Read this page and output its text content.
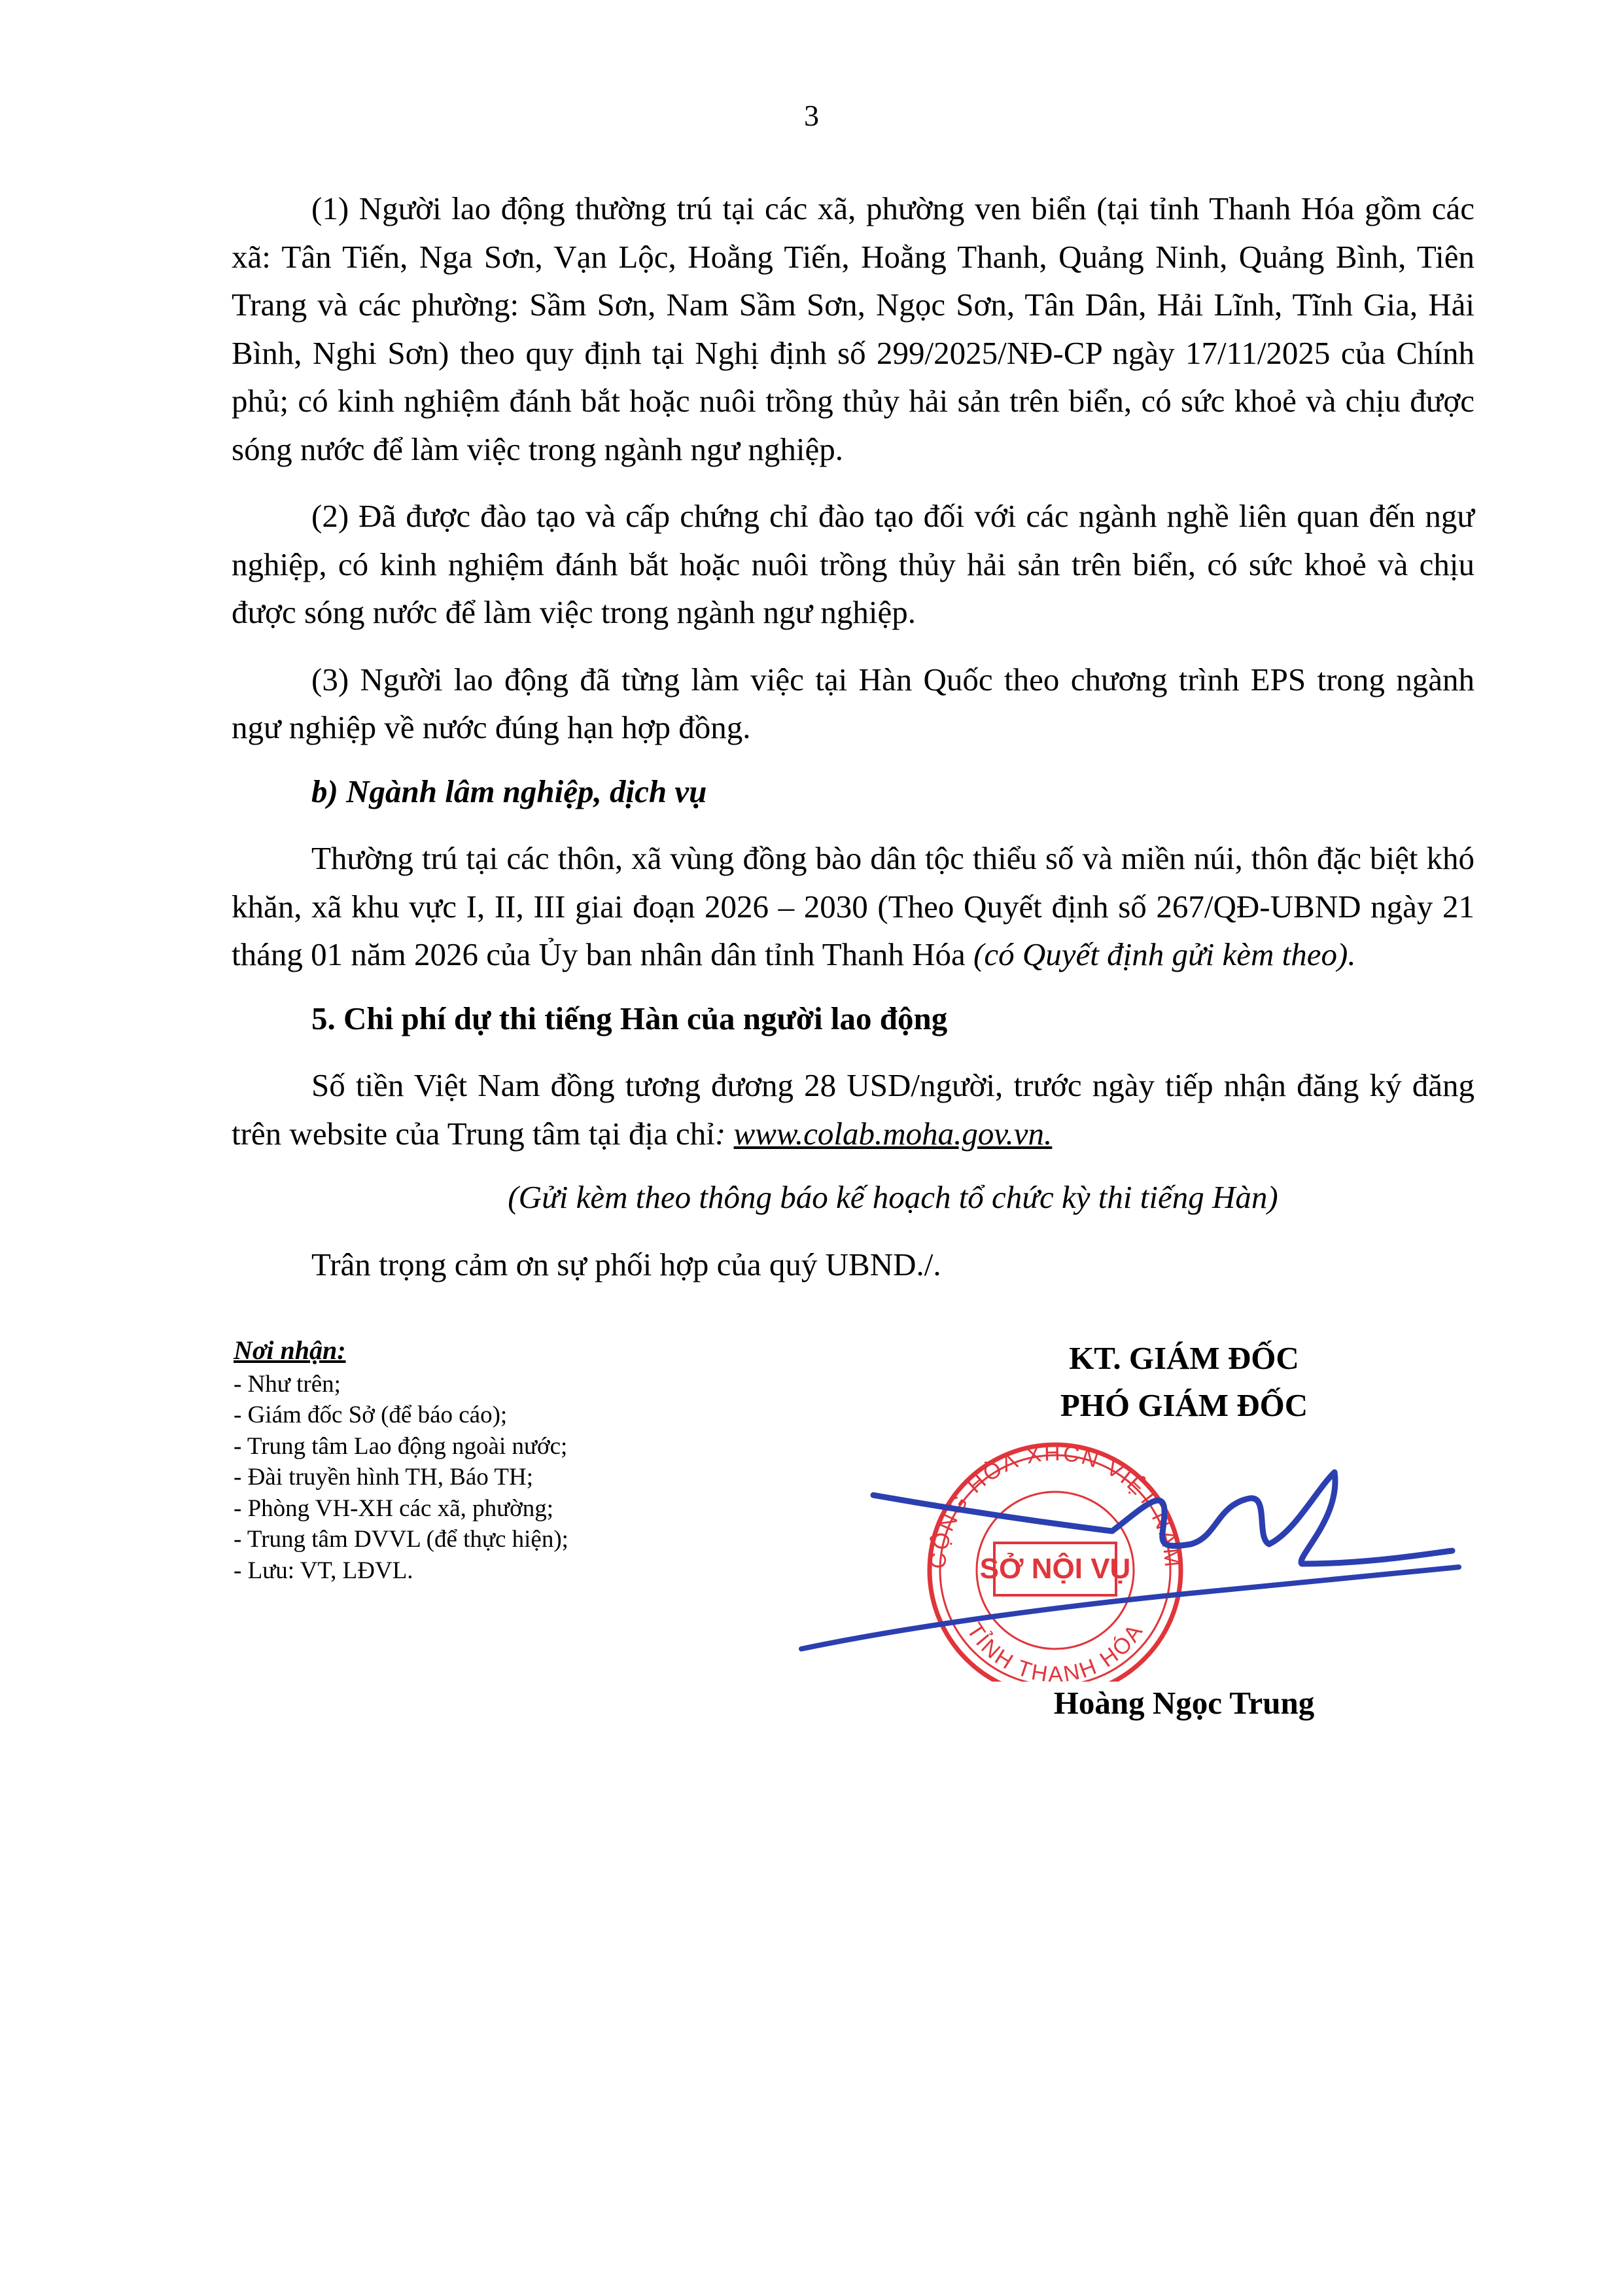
3

(1) Người lao động thường trú tại các xã, phường ven biển (tại tỉnh Thanh Hóa gồm các xã: Tân Tiến, Nga Sơn, Vạn Lộc, Hoằng Tiến, Hoằng Thanh, Quảng Ninh, Quảng Bình, Tiên Trang và các phường: Sầm Sơn, Nam Sầm Sơn, Ngọc Sơn, Tân Dân, Hải Lĩnh, Tĩnh Gia, Hải Bình, Nghi Sơn) theo quy định tại Nghị định số 299/2025/NĐ-CP ngày 17/11/2025 của Chính phủ; có kinh nghiệm đánh bắt hoặc nuôi trồng thủy hải sản trên biển, có sức khoẻ và chịu được sóng nước để làm việc trong ngành ngư nghiệp.

(2) Đã được đào tạo và cấp chứng chỉ đào tạo đối với các ngành nghề liên quan đến ngư nghiệp, có kinh nghiệm đánh bắt hoặc nuôi trồng thủy hải sản trên biển, có sức khoẻ và chịu được sóng nước để làm việc trong ngành ngư nghiệp.

(3) Người lao động đã từng làm việc tại Hàn Quốc theo chương trình EPS trong ngành ngư nghiệp về nước đúng hạn hợp đồng.

b) Ngành lâm nghiệp, dịch vụ

Thường trú tại các thôn, xã vùng đồng bào dân tộc thiểu số và miền núi, thôn đặc biệt khó khăn, xã khu vực I, II, III giai đoạn 2026 – 2030 (Theo Quyết định số 267/QĐ-UBND ngày 21 tháng 01 năm 2026 của Ủy ban nhân dân tỉnh Thanh Hóa (có Quyết định gửi kèm theo).

5. Chi phí dự thi tiếng Hàn của người lao động

Số tiền Việt Nam đồng tương đương 28 USD/người, trước ngày tiếp nhận đăng ký đăng trên website của Trung tâm tại địa chỉ: www.colab.moha.gov.vn.

(Gửi kèm theo thông báo kế hoạch tổ chức kỳ thi tiếng Hàn)

Trân trọng cảm ơn sự phối hợp của quý UBND./.

Nơi nhận:
- Như trên;
- Giám đốc Sở (để báo cáo);
- Trung tâm Lao động ngoài nước;
- Đài truyền hình TH, Báo TH;
- Phòng VH-XH các xã, phường;
- Trung tâm DVVL (để thực hiện);
- Lưu: VT, LĐVL.
KT. GIÁM ĐỐC
PHÓ GIÁM ĐỐC
CỘNG HÒA XHCN VIỆT NAM
TỈNH THANH HÓA
SỞ NỘI VỤ
Hoàng Ngọc Trung
